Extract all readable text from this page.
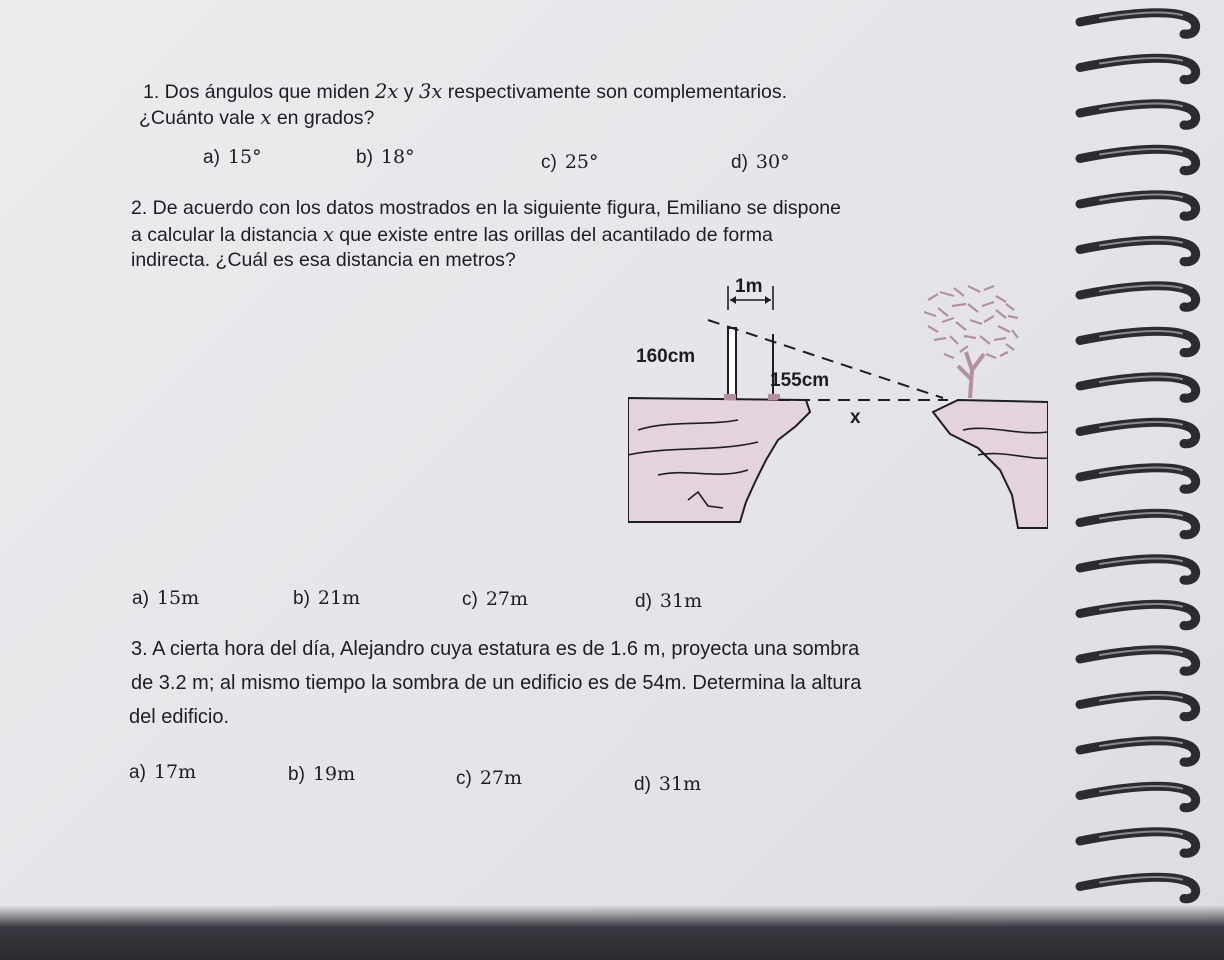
1. Dos ángulos que miden 2x y 3x respectivamente son complementarios.
¿Cuánto vale x en grados?
a) 15°	b) 18°	c) 25°	d) 30°
2. De acuerdo con los datos mostrados en la siguiente figura, Emiliano se dispone
a calcular la distancia x que existe entre las orillas del acantilado de forma
indirecta. ¿Cuál es esa distancia en metros?
1m
160cm
155cm
x
a) 15m	b) 21m	c) 27m	d) 31m
3. A cierta hora del día, Alejandro cuya estatura es de 1.6 m, proyecta una sombra
de 3.2 m; al mismo tiempo la sombra de un edificio es de 54m. Determina la altura
del edificio.
a) 17m	b) 19m	c) 27m	d) 31m
